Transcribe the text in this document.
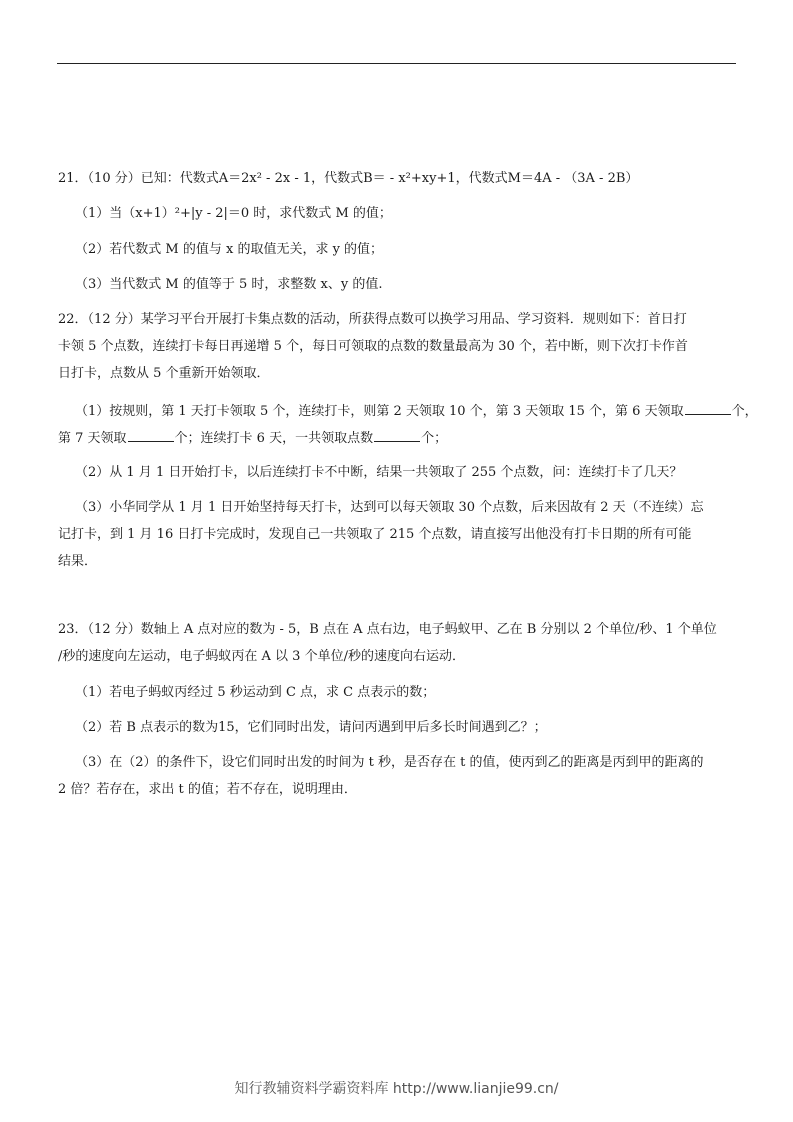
21．（10 分）已知：代数式A＝2x² - 2x - 1，代数式B＝ - x²+xy+1，代数式M＝4A - （3A - 2B）
（1）当（x+1）²+|y - 2|＝0 时，求代数式 M 的值；
（2）若代数式 M 的值与 x 的取值无关，求 y 的值；
（3）当代数式 M 的值等于 5 时，求整数 x、y 的值.
22．（12 分）某学习平台开展打卡集点数的活动，所获得点数可以换学习用品、学习资料．规则如下：首日打
卡领 5 个点数，连续打卡每日再递增 5 个，每日可领取的点数的数量最高为 30 个，若中断，则下次打卡作首
日打卡，点数从 5 个重新开始领取．
（1）按规则，第 1 天打卡领取 5 个，连续打卡，则第 2 天领取 10 个，第 3 天领取 15 个，第 6 天领取	个，
第 7 天领取	个；连续打卡 6 天，一共领取点数	个；
（2）从 1 月 1 日开始打卡，以后连续打卡不中断，结果一共领取了 255 个点数，问：连续打卡了几天？
（3）小华同学从 1 月 1 日开始坚持每天打卡，达到可以每天领取 30 个点数，后来因故有 2 天（不连续）忘
记打卡，到 1 月 16 日打卡完成时，发现自己一共领取了 215 个点数，请直接写出他没有打卡日期的所有可能
结果．
23．（12 分）数轴上 A 点对应的数为 - 5，B 点在 A 点右边，电子蚂蚁甲、乙在 B 分别以 2 个单位/秒、1 个单位
/秒的速度向左运动，电子蚂蚁丙在 A 以 3 个单位/秒的速度向右运动．
（1）若电子蚂蚁丙经过 5 秒运动到 C 点，求 C 点表示的数；
（2）若 B 点表示的数为15，它们同时出发，请问丙遇到甲后多长时间遇到乙？；
（3）在（2）的条件下，设它们同时出发的时间为 t 秒，是否存在 t 的值，使丙到乙的距离是丙到甲的距离的
2 倍？若存在，求出 t 的值；若不存在，说明理由．
知行教辅资料学霸资料库 http://www.lianjie99.cn/
